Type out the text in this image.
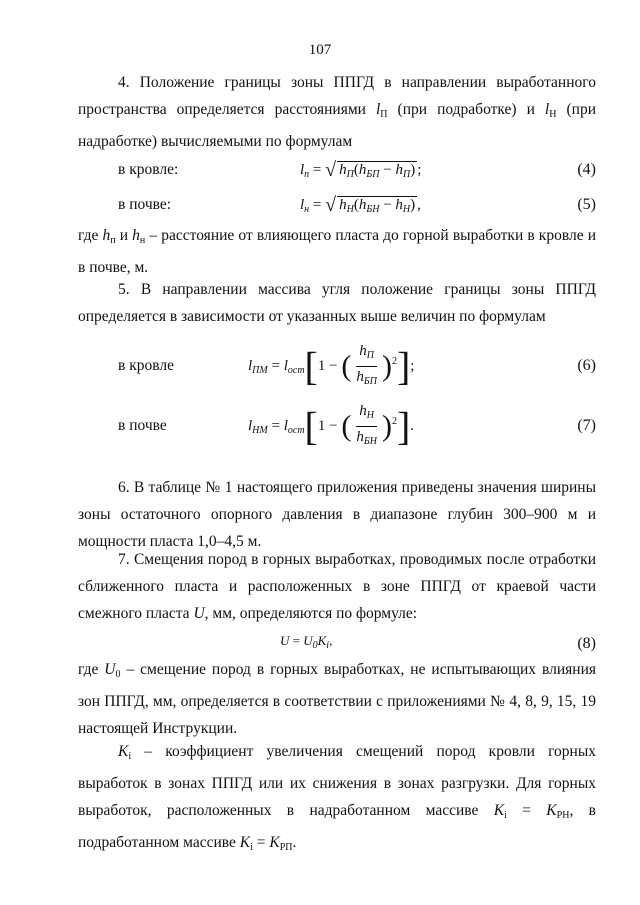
107
4. Положение границы зоны ППГД в направлении выработанного пространства определяется расстояниями $l_П$ (при подработке) и $l_Н$ (при надработке) вычисляемыми по формулам
в кровле:	$l_п$ = √ $h_П(h_{БП} - h_П)$ ;	(4)
в почве:	$l_н$ = √ $h_Н(h_{БН} - h_Н)$ ,	(5)
где $h_п$ и $h_н$ – расстояние от влияющего пласта до горной выработки в кровле и в почве, м.
5. В направлении массива угля положение границы зоны ППГД определяется в зависимости от указанных выше величин по формулам
в кровле	$l_{ПМ} = l_{ост}[1$ − ( $\frac{h_П}{h_{БП}} )^2$];	(6)
в почве	$l_{НМ} = l_{ост}[1$ − ( $\frac{h_Н}{h_{БН}} )^2$].	(7)
6. В таблице № 1 настоящего приложения приведены значения ширины зоны остаточного опорного давления в диапазоне глубин 300–900 м и мощности пласта 1,0–4,5 м.
7. Смещения пород в горных выработках, проводимых после отработки сближенного пласта и расположенных в зоне ППГД от краевой части смежного пласта U, мм, определяются по формуле:
$U = U_0K_i$,	(8)
где $U_0$ – смещение пород в горных выработках, не испытывающих влияния зон ППГД, мм, определяется в соответствии с приложениями № 4, 8, 9, 15, 19 настоящей Инструкции.
$K_i$ – коэффициент увеличения смещений пород кровли горных выработок в зонах ППГД или их снижения в зонах разгрузки. Для горных выработок, расположенных в надработанном массиве $K_i = K_{РН}$, в подработанном массиве $K_i = K_{РП}$.
